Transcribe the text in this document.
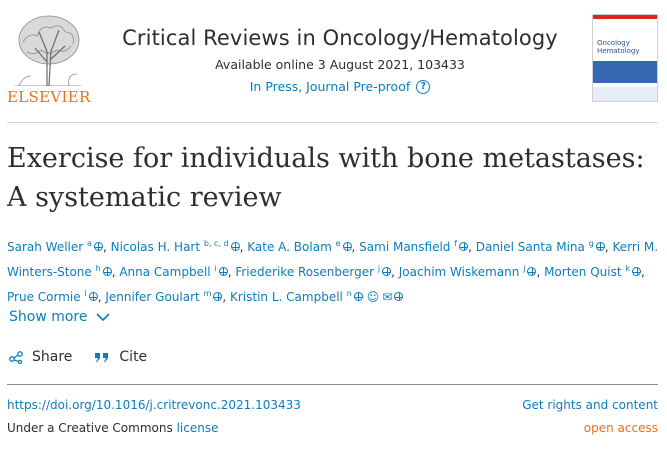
ELSEVIER
Critical Reviews in Oncology/Hematology
Available online 3 August 2021, 103433
In Press, Journal Pre-proof	?
Oncology
Hematology
Exercise for individuals with bone metastases: A systematic review
Sarah Weller $^a$ , Nicolas H. Hart $^{b, c, d}$ , Kate A. Bolam $^e$ , Sami Mansfield $^f$ , Daniel Santa Mina $^g$ , Kerri M. Winters-Stone $^h$ , Anna Campbell $^i$ , Friederike Rosenberger $^j$ , Joachim Wiskemann $^j$ , Morten Quist $^k$ , Prue Cormie $^l$ , Jennifer Goulart $^m$ , Kristin L. Campbell $^n$ ☺ ✉
Show more
Share	Cite
https://doi.org/10.1016/j.critrevonc.2021.103433	Get rights and content
Under a Creative Commons license	open access
